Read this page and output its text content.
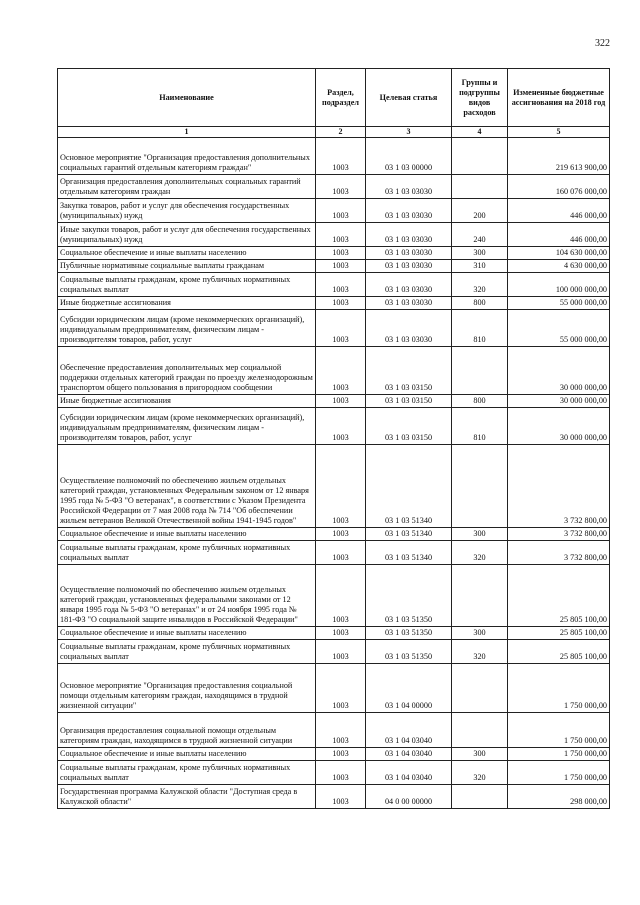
322
Наименование	Раздел, подраздел	Целевая статья	Группы и подгруппы видов расходов	Измененные бюджетные ассигнования на 2018 год
1	2	3	4	5
Основное мероприятие "Организация предоставления дополнительных социальных гарантий отдельным категориям граждан"	1003	03 1 03 00000		219 613 900,00
Организация предоставления дополнительных социальных гарантий отдельным категориям граждан	1003	03 1 03 03030		160 076 000,00
Закупка товаров, работ и услуг для обеспечения государственных (муниципальных) нужд	1003	03 1 03 03030	200	446 000,00
Иные закупки товаров, работ и услуг для обеспечения государственных (муниципальных) нужд	1003	03 1 03 03030	240	446 000,00
Социальное обеспечение и иные выплаты населению	1003	03 1 03 03030	300	104 630 000,00
Публичные нормативные социальные выплаты гражданам	1003	03 1 03 03030	310	4 630 000,00
Социальные выплаты гражданам, кроме публичных нормативных социальных выплат	1003	03 1 03 03030	320	100 000 000,00
Иные бюджетные ассигнования	1003	03 1 03 03030	800	55 000 000,00
Субсидии юридическим лицам (кроме некоммерческих организаций), индивидуальным предпринимателям, физическим лицам - производителям товаров, работ, услуг	1003	03 1 03 03030	810	55 000 000,00
Обеспечение предоставления дополнительных мер социальной поддержки отдельных категорий граждан по проезду железнодорожным транспортом общего пользования в пригородном сообщении	1003	03 1 03 03150		30 000 000,00
Иные бюджетные ассигнования	1003	03 1 03 03150	800	30 000 000,00
Субсидии юридическим лицам (кроме некоммерческих организаций), индивидуальным предпринимателям, физическим лицам - производителям товаров, работ, услуг	1003	03 1 03 03150	810	30 000 000,00
Осуществление полномочий по обеспечению жильем отдельных категорий граждан, установленных Федеральным законом от 12 января 1995 года № 5-ФЗ "О ветеранах", в соответствии с Указом Президента Российской Федерации от 7 мая 2008 года № 714 "Об обеспечении жильем ветеранов Великой Отечественной войны 1941-1945 годов"	1003	03 1 03 51340		3 732 800,00
Социальное обеспечение и иные выплаты населению	1003	03 1 03 51340	300	3 732 800,00
Социальные выплаты гражданам, кроме публичных нормативных социальных выплат	1003	03 1 03 51340	320	3 732 800,00
Осуществление полномочий по обеспечению жильем отдельных категорий граждан, установленных федеральными законами от 12 января 1995 года № 5-ФЗ "О ветеранах" и от 24 ноября 1995 года № 181-ФЗ "О социальной защите инвалидов в Российской Федерации"	1003	03 1 03 51350		25 805 100,00
Социальное обеспечение и иные выплаты населению	1003	03 1 03 51350	300	25 805 100,00
Социальные выплаты гражданам, кроме публичных нормативных социальных выплат	1003	03 1 03 51350	320	25 805 100,00
Основное мероприятие "Организация предоставления социальной помощи отдельным категориям граждан, находящимся в трудной жизненной ситуации"	1003	03 1 04 00000		1 750 000,00
Организация предоставления социальной помощи отдельным категориям граждан, находящимся в трудной жизненной ситуации	1003	03 1 04 03040		1 750 000,00
Социальное обеспечение и иные выплаты населению	1003	03 1 04 03040	300	1 750 000,00
Социальные выплаты гражданам, кроме публичных нормативных социальных выплат	1003	03 1 04 03040	320	1 750 000,00
Государственная программа Калужской области "Доступная среда в Калужской области"	1003	04 0 00 00000		298 000,00
